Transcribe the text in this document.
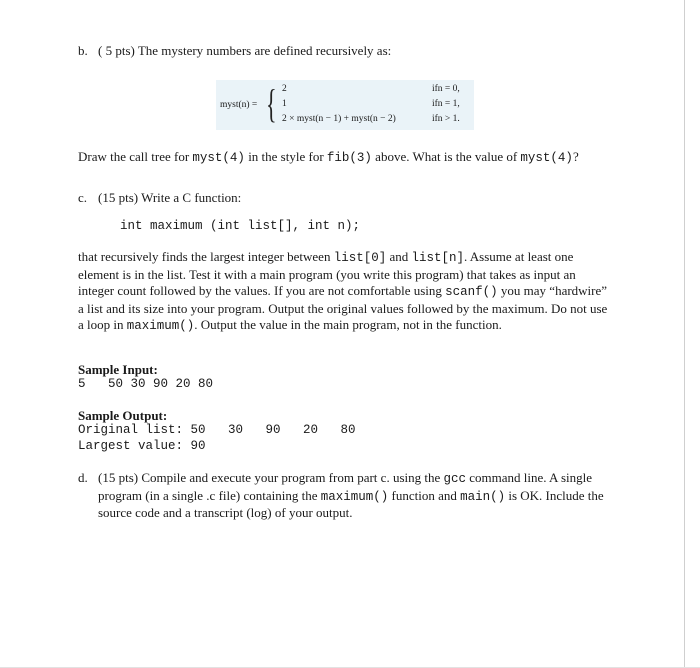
b. ( 5 pts) The mystery numbers are defined recursively as:
myst(n) = { 2	ifn = 0,
1	ifn = 1,
2 × myst(n − 1) + myst(n − 2)	ifn > 1.
Draw the call tree for myst(4) in the style for fib(3) above. What is the value of myst(4)?
c. (15 pts) Write a C function:
int maximum (int list[], int n);
that recursively finds the largest integer between list[0] and list[n]. Assume at least one element is in the list. Test it with a main program (you write this program) that takes as input an integer count followed by the values. If you are not comfortable using scanf() you may “hardwire” a list and its size into your program. Output the original values followed by the maximum. Do not use a loop in maximum(). Output the value in the main program, not in the function.
Sample Input:
5   50 30 90 20 80
Sample Output:
Original list: 50   30   90   20   80
Largest value: 90
d. (15 pts) Compile and execute your program from part c. using the gcc command line. A single program (in a single .c file) containing the maximum() function and main() is OK. Include the source code and a transcript (log) of your output.
